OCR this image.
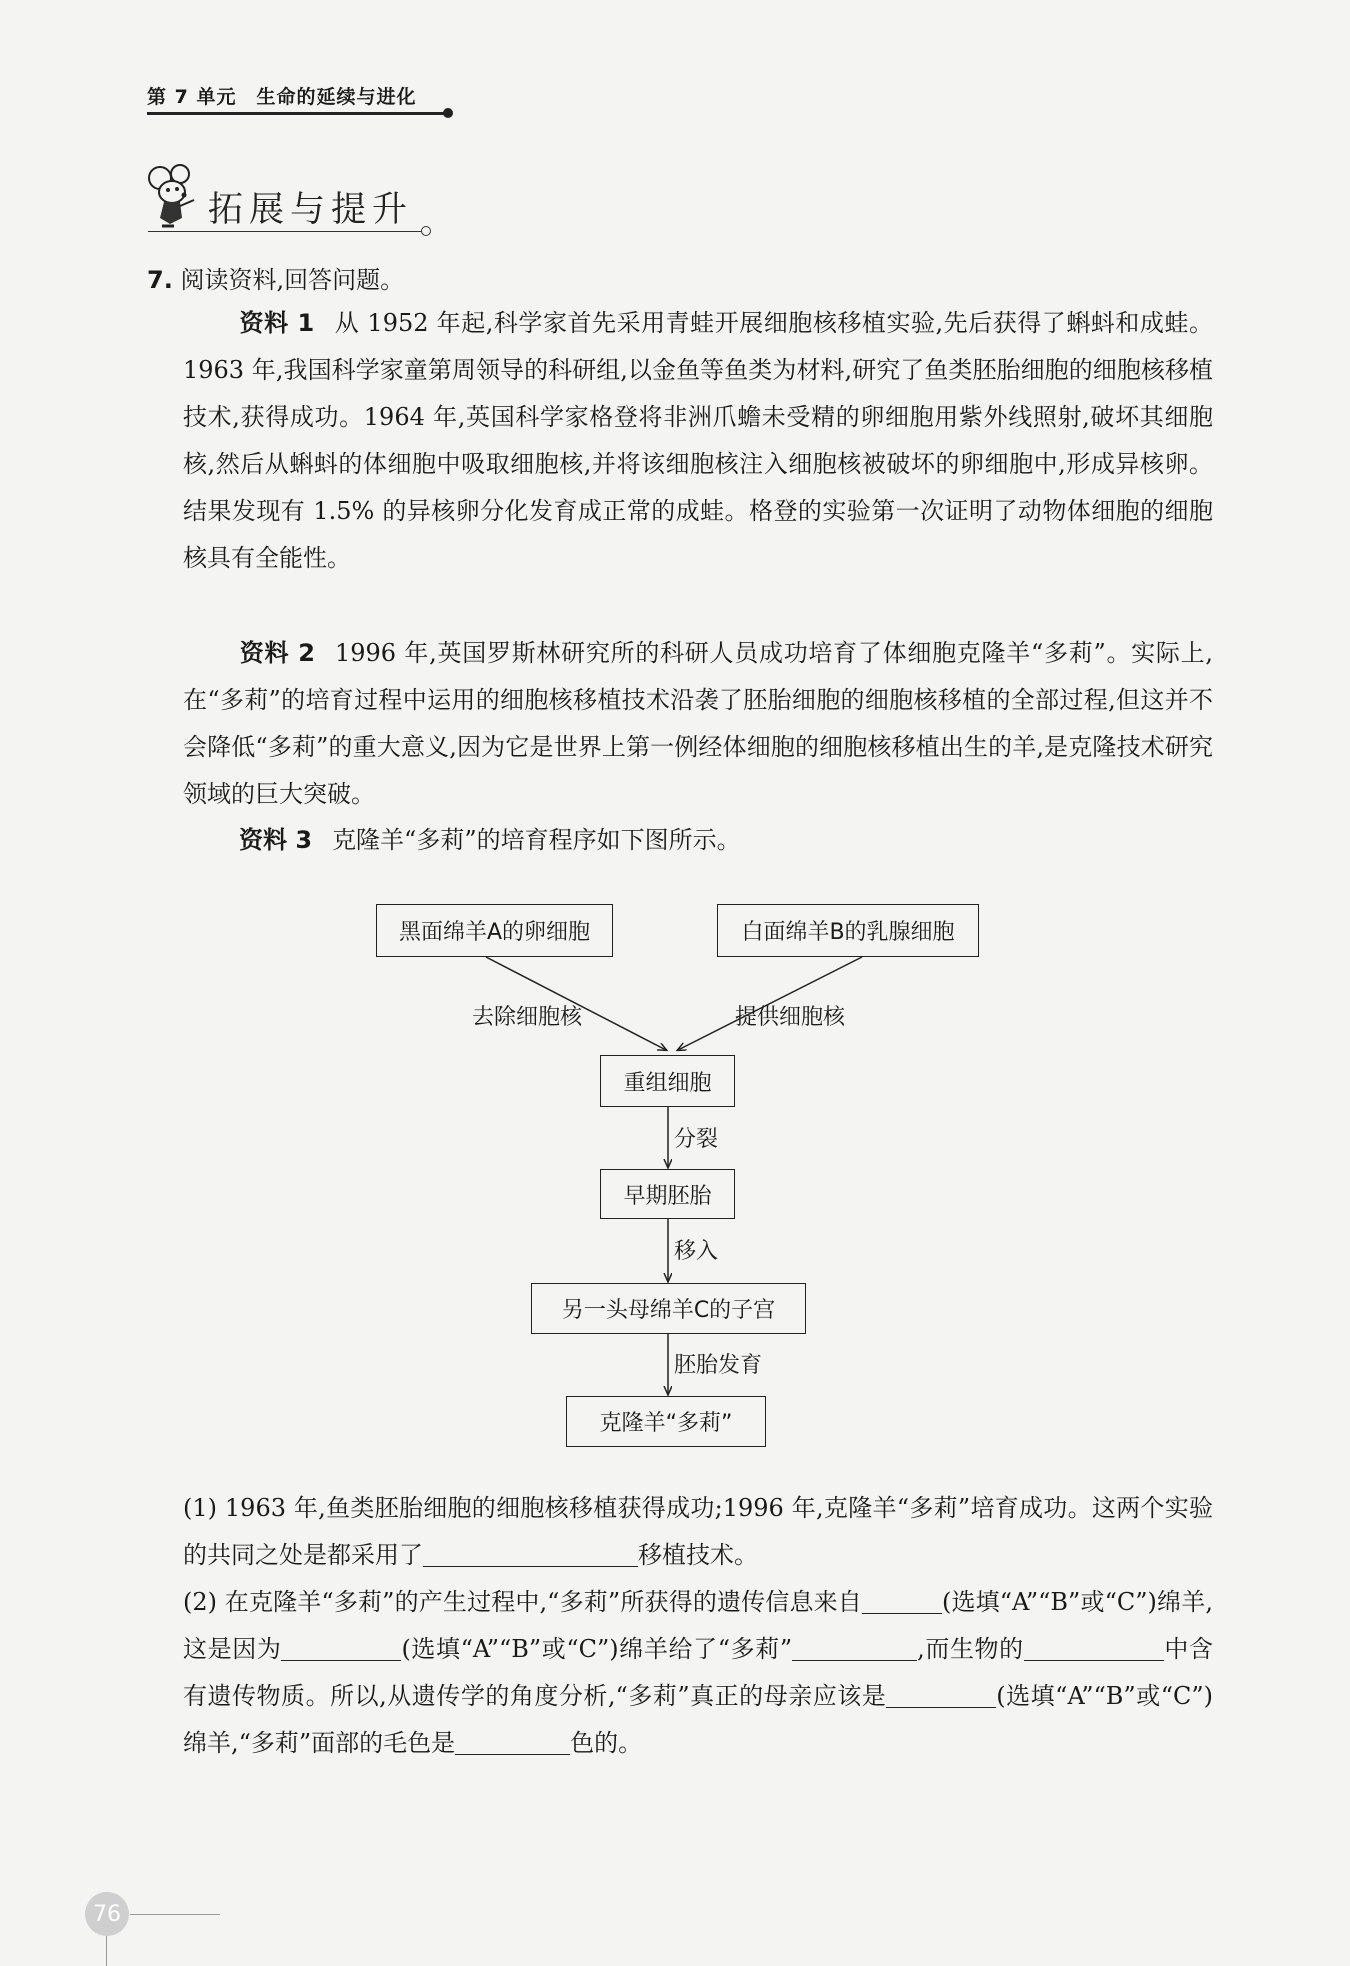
第 7 单元　生命的延续与进化
拓展与提升
7. 阅读资料,回答问题。
资料 1 从 1952 年起,科学家首先采用青蛙开展细胞核移植实验,先后获得了蝌蚪和成蛙。1963 年,我国科学家童第周领导的科研组,以金鱼等鱼类为材料,研究了鱼类胚胎细胞的细胞核移植技术,获得成功。1964 年,英国科学家格登将非洲爪蟾未受精的卵细胞用紫外线照射,破坏其细胞核,然后从蝌蚪的体细胞中吸取细胞核,并将该细胞核注入细胞核被破坏的卵细胞中,形成异核卵。结果发现有 1.5% 的异核卵分化发育成正常的成蛙。格登的实验第一次证明了动物体细胞的细胞核具有全能性。
资料 2 1996 年,英国罗斯林研究所的科研人员成功培育了体细胞克隆羊“多莉”。实际上,在“多莉”的培育过程中运用的细胞核移植技术沿袭了胚胎细胞的细胞核移植的全部过程,但这并不会降低“多莉”的重大意义,因为它是世界上第一例经体细胞的细胞核移植出生的羊,是克隆技术研究领域的巨大突破。
资料 3 克隆羊“多莉”的培育程序如下图所示。
黑面绵羊A的卵细胞	白面绵羊B的乳腺细胞
去除细胞核	提供细胞核
重组细胞
分裂
早期胚胎
移入
另一头母绵羊C的子宫
胚胎发育
克隆羊“多莉”
(1) 1963 年,鱼类胚胎细胞的细胞核移植获得成功;1996 年,克隆羊“多莉”培育成功。这两个实验的共同之处是都采用了	移植技术。
(2) 在克隆羊“多莉”的产生过程中,“多莉”所获得的遗传信息来自	(选填“A”“B”或“C”)绵羊,这是因为	(选填“A”“B”或“C”)绵羊给了“多莉”	,而生物的	中含有遗传物质。所以,从遗传学的角度分析,“多莉”真正的母亲应该是	(选填“A”“B”或“C”)绵羊,“多莉”面部的毛色是	色的。
76
